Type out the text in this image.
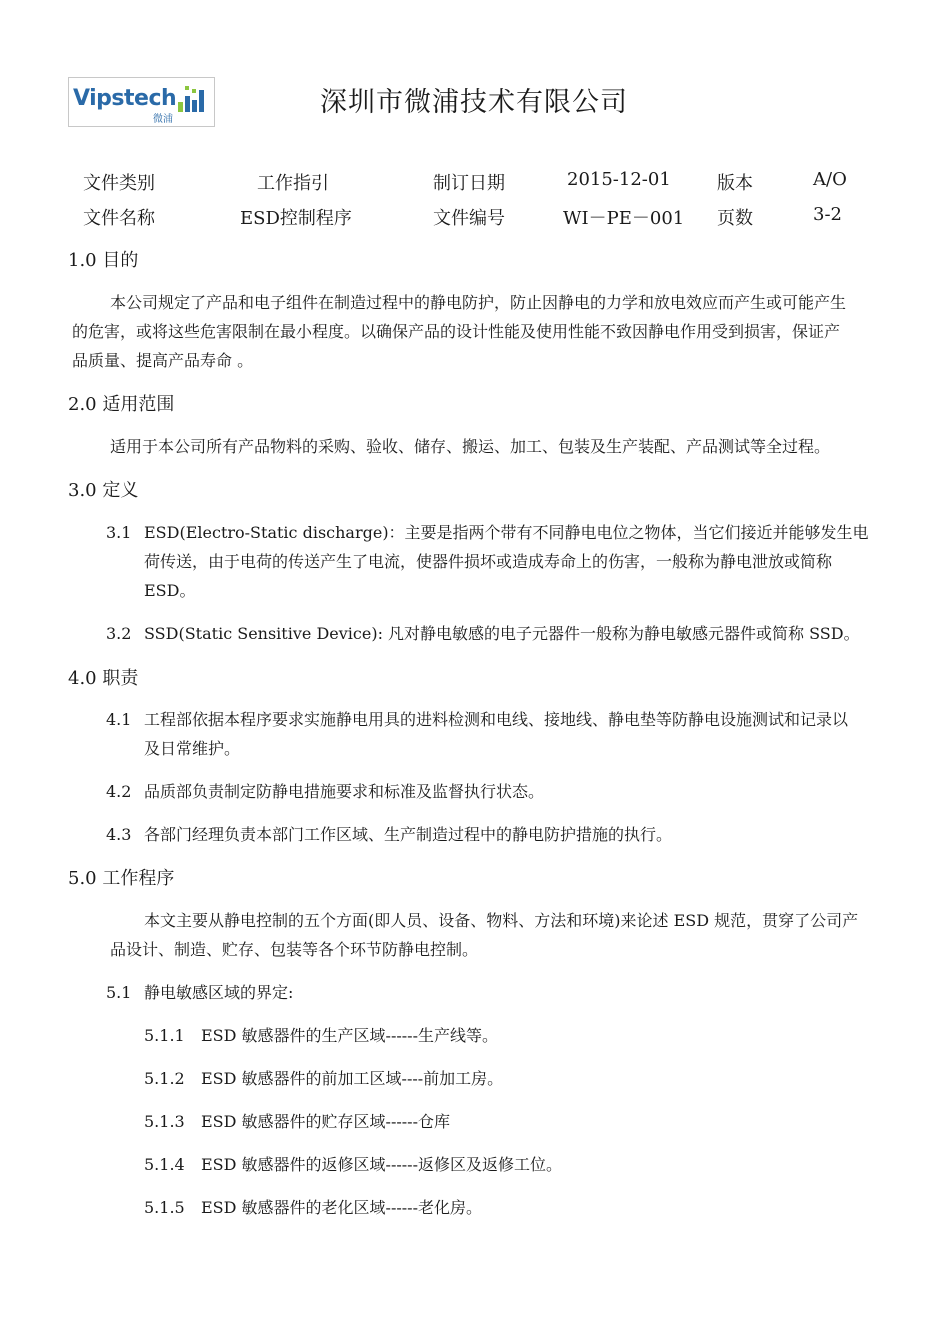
Vipstech
微浦
深圳市微浦技术有限公司
文件类别	工作指引	制订日期	2015-12-01	版本	A/O
文件名称	ESD控制程序	文件编号	WI－PE－001 页数	3-2
1.0 目的
本公司规定了产品和电子组件在制造过程中的静电防护，防止因静电的力学和放电效应而产生或可能产生
的危害，或将这些危害限制在最小程度。以确保产品的设计性能及使用性能不致因静电作用受到损害，保证产
品质量、提高产品寿命 。
2.0 适用范围
适用于本公司所有产品物料的采购、验收、储存、搬运、加工、包装及生产装配、产品测试等全过程。
3.0 定义
3.1 ESD(Electro-Static discharge)：主要是指两个带有不同静电电位之物体，当它们接近并能够发生电
荷传送，由于电荷的传送产生了电流，使器件损坏或造成寿命上的伤害，一般称为静电泄放或简称
ESD。
3.2 SSD(Static Sensitive Device): 凡对静电敏感的电子元器件一般称为静电敏感元器件或简称 SSD。
4.0 职责
4.1 工程部依据本程序要求实施静电用具的进料检测和电线、接地线、静电垫等防静电设施测试和记录以
及日常维护。
4.2 品质部负责制定防静电措施要求和标准及监督执行状态。
4.3 各部门经理负责本部门工作区域、生产制造过程中的静电防护措施的执行。
5.0 工作程序
本文主要从静电控制的五个方面(即人员、设备、物料、方法和环境)来论述 ESD 规范，贯穿了公司产
品设计、制造、贮存、包装等各个环节防静电控制。
5.1 静电敏感区域的界定:
5.1.1 ESD 敏感器件的生产区域------生产线等。
5.1.2 ESD 敏感器件的前加工区域----前加工房。
5.1.3 ESD 敏感器件的贮存区域------仓库
5.1.4 ESD 敏感器件的返修区域------返修区及返修工位。
5.1.5 ESD 敏感器件的老化区域------老化房。
